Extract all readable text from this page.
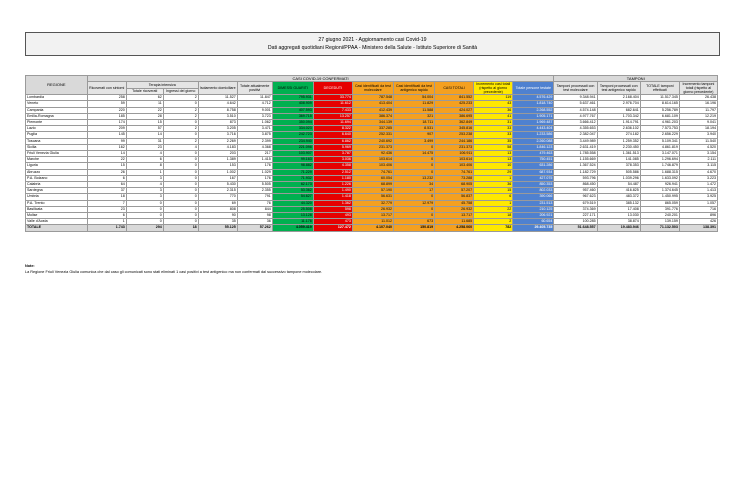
27 giugno 2021 - Aggiornamento casi Covid-19
Dati aggregati quotidiani Regioni/PPAA - Ministero della Salute - Istituto Superiore di Sanità
REGIONE	CASI COVID-19 CONFERMATI												TAMPONI			
	Ricoverati con sintomi	Terapia intensiva		Isolamento domiciliare	Totale attualmente positivi	DIMESSI GUARITI	DECEDUTI	Casi identificati da test molecolare	Casi identificati da test antigenico rapido	CASI TOTALI	Incremento casi totali (rispetto al giorno precedente)	Totale persone testate	Tamponi processati con test molecolare	Tamponi processati con test antigenico rapido	TOTALE tamponi effettuati	Incremento tamponi totali (rispetto al giorno precedente)
		Totale ricoverati	Ingressi del giorno													
Lombardia	258	62	2	11.527	11.847	795.931	33.774	787.548	54.004	841.552	119	4.576.429	9.348.941	2.168.404	11.517.345	26.438
Veneto	59	11	0	4.642	4.712	408.909	11.612	413.404	11.829	425.233	43	1.818.740	5.637.461	2.976.704	8.614.165	16.196
Campania	220	22	2	8.758	9.001	407.593	7.433	412.439	11.588	424.027	36	2.268.552	4.574.148	682.641	5.256.789	11.797
Emilia-Romagna	185	28	2	3.510	3.723	369.715	13.257	386.374	321	386.695	41	1.905.171	4.977.767	1.703.342	6.681.109	12.219
Piemonte	174	15	0	873	1.062	350.094	11.694	344.139	18.711	362.849	31	1.969.487	3.666.412	1.914.791	4.961.203	9.041
Lazio	209	57	2	3.205	3.471	334.023	8.322	337.285	8.531	345.816	33	4.443.404	4.355.653	2.636.102	7.573.753	18.194
Puglia	145	14	0	3.716	3.875	242.723	6.640	252.331	907	253.238	33	1.233.586	2.382.047	274.182	2.656.229	3.940
Toscana	99	31	2	2.269	2.399	234.940	6.862	240.692	3.499	244.186	35	2.260.088	3.449.989	1.259.352	5.109.341	11.540
Sicilia	162	23	4	4.183	4.368	221.098	5.969	231.373	0	231.373	58	1.846.123	2.631.419	2.230.450	4.861.819	4.520
Friuli Venezia Giulia	14	4	0	203	217	103.907	3.787	92.436	14.475	106.911	13	479.463	1.785.558	1.361.513	3.147.071	3.154
Marche	22	6	0	1.389	1.415	99.163	3.036	103.614	0	103.614	13	750.451	1.155.669	141.085	1.296.694	2.111
Liguria	15	8	0	153	176	98.882	4.358	103.406	0	103.406	10	631.286	1.367.524	378.353	1.746.879	3.115
Abruzzo	26	1	0	1.002	1.029	71.229	2.512	74.761	0	74.761	29	687.934	1.182.729	505.586	1.688.315	4.670
P.A. Bolzano	6	3	0	167	176	71.932	1.180	60.054	13.232	73.288	1	427.075	593.796	1.039.296	1.633.092	3.223
Calabria	64	4	0	5.430	5.505	62.173	1.226	68.899	34	68.905	36	850.353	868.450	54.487	926.941	1.472
Sardegna	37	3	0	2.315	2.355	53.362	1.490	57.190	17	57.207	15	802.033	957.460	416.825	1.374.645	1.413
Umbria	18	3	0	770	791	54.627	1.418	56.631	0	56.837	6	390.066	967.623	483.372	1.450.995	3.925
P.A. Trento	7	0	0	69	76	44.320	1.362	32.779	12.979	45.758	1	231.513	679.519	385.132	865.059	1.057
Basilicata	23	0	0	808	844	25.508	598	26.932	0	26.932	22	210.125	374.369	17.408	391.776	716
Molise	6	0	0	90	98	13.128	493	13.717	0	13.717	18	206.921	227.171	13.030	240.201	896
Valle d'Aosta	1	0	0	35	36	11.176	473	11.012	673	11.685	2	60.654	100.285	38.874	139.159	426
TOTALE	1.743	294	18	55.125	57.262	4.059.419	127.472	4.107.040	150.819	4.258.060	782	29.405.735	51.648.557	19.483.946	71.132.503	138.391
Note:
La Regione Friuli Venezia Giulia comunica che dal caso gli comunicati sono stati eliminati 1 casi positivi a test antigenico ma non confermati dal successivo tampone molecolare.
